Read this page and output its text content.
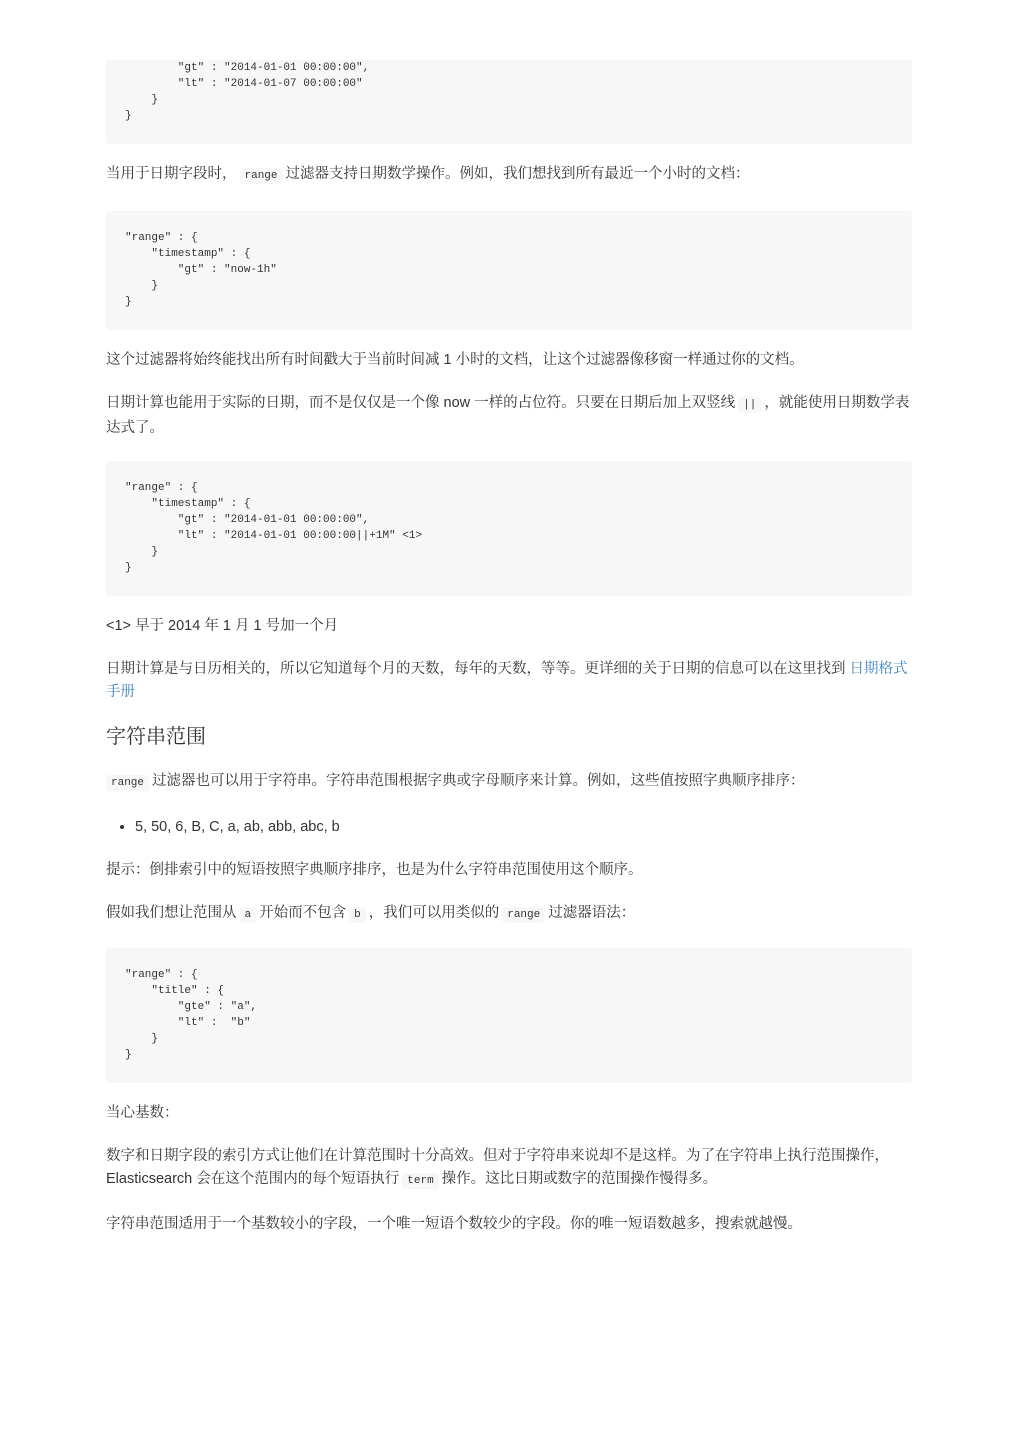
"gt" : "2014-01-01 00:00:00",
"lt" : "2014-01-07 00:00:00"
}
}

当用于日期字段时， range 过滤器支持日期数学操作。例如，我们想找到所有最近一个小时的文档：

"range" : {
"timestamp" : {
"gt" : "now-1h"
}
}

这个过滤器将始终能找出所有时间戳大于当前时间减 1 小时的文档，让这个过滤器像移窗一样通过你的文档。

日期计算也能用于实际的日期，而不是仅仅是一个像 now 一样的占位符。只要在日期后加上双竖线 || ，就能使用日期数学表达式了。

"range" : {
"timestamp" : {
"gt" : "2014-01-01 00:00:00",
"lt" : "2014-01-01 00:00:00||+1M" <1>
}
}

<1> 早于 2014 年 1 月 1 号加一个月

日期计算是与日历相关的，所以它知道每个月的天数，每年的天数，等等。更详细的关于日期的信息可以在这里找到 日期格式手册

字符串范围

range 过滤器也可以用于字符串。字符串范围根据字典或字母顺序来计算。例如，这些值按照字典顺序排序：

• 5, 50, 6, B, C, a, ab, abb, abc, b

提示：倒排索引中的短语按照字典顺序排序，也是为什么字符串范围使用这个顺序。

假如我们想让范围从 a 开始而不包含 b ，我们可以用类似的 range 过滤器语法：

"range" : {
"title" : {
"gte" : "a",
"lt" :  "b"
}
}

当心基数：

数字和日期字段的索引方式让他们在计算范围时十分高效。但对于字符串来说却不是这样。为了在字符串上执行范围操作，Elasticsearch 会在这个范围内的每个短语执行 term 操作。这比日期或数字的范围操作慢得多。

字符串范围适用于一个基数较小的字段，一个唯一短语个数较少的字段。你的唯一短语数越多，搜索就越慢。
